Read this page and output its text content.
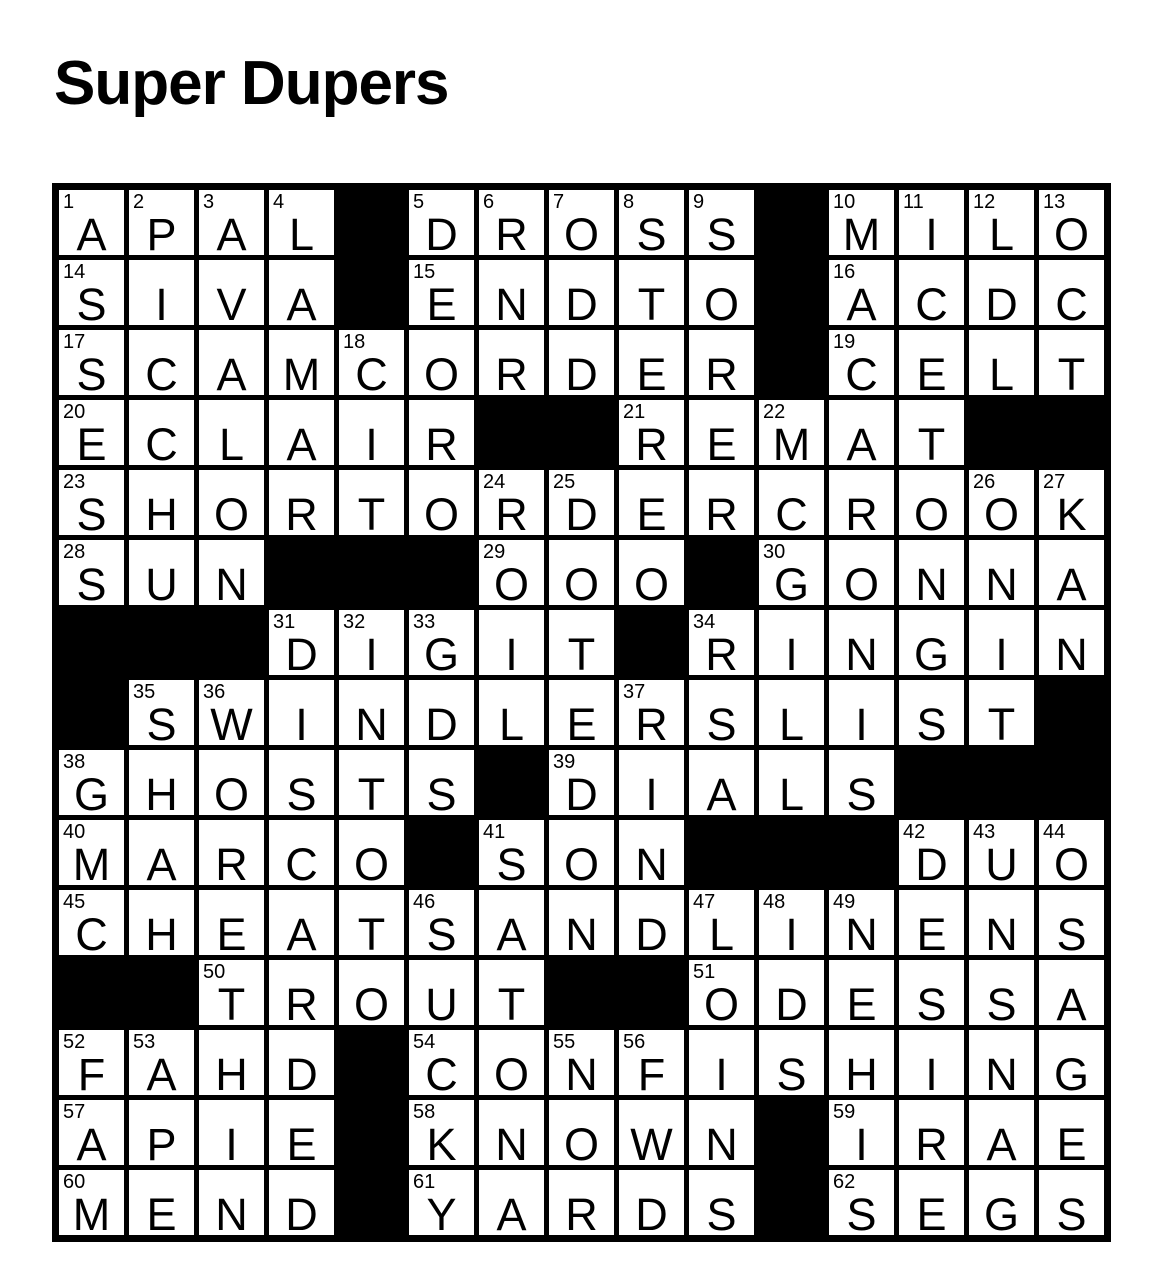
Super Dupers
1
A
2
P
3
A
4
L
5
D
6
R
7
O
8
S
9
S
10
M
11
I
12
L
13
O
14
S	I	V A
15
E N D T O
16
A C D C
17
S C A M
18
C O R D E R
19
C E L T
20
E C L A	I	R
21
R E
22
M A T
23
S H O R T O
24
R
25
D E R C R O
26
O
27
K
28
S U N
29
O O O
30
G O N N A
31
D
32
I
33
G	I	T
34
R	I	N G	I	N
35
S
36
W I	N D L E
37
R S L	I	S T
38
G H O S T S
39
D	I	A L S
40
M A R C O
41
S O N
42
D
43
U
44
O
45
C H E A T
46
S A N D
47
L
48
I
49
N E N S
50
T R O U T
51
O D E S S A
52
F
53
A H D
54
C O
55
N
56
F	I	S H	I	N G
57
A P	I	E
58
K N O W N
59
I	R A E
60
M E N D
61
Y A R D S
62
S E G S
